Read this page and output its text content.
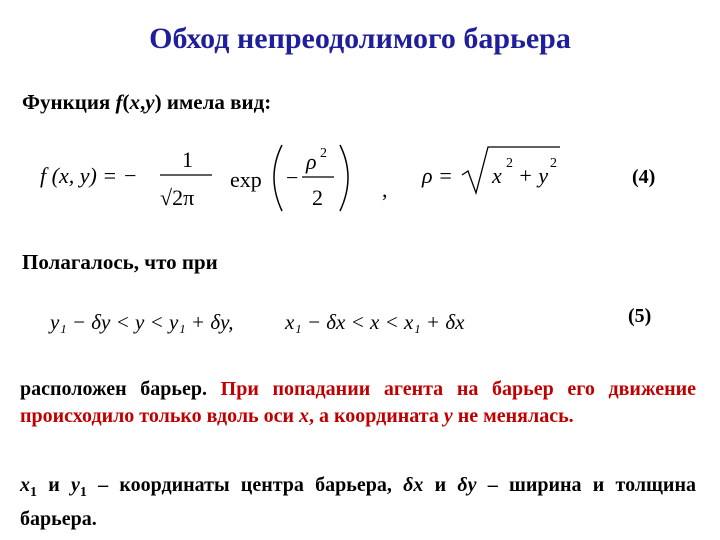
Обход непреодолимого барьера
Функция f(x,y) имела вид:
f (x, y) = −
1
√2π
exp −
ρ 2
2	,
ρ = x 2 + y 2
(4)
Полагалось, что при
y₁ − δy < y < y₁ + δy, x₁ − δx < x < x₁ + δx	(5)
расположен барьер. При попадании агента на барьер его движение происходило только вдоль оси x, а координата y не менялась.
$x_1$ и $y_1$ – координаты центра барьера, δx и δy – ширина и толщина барьера.
